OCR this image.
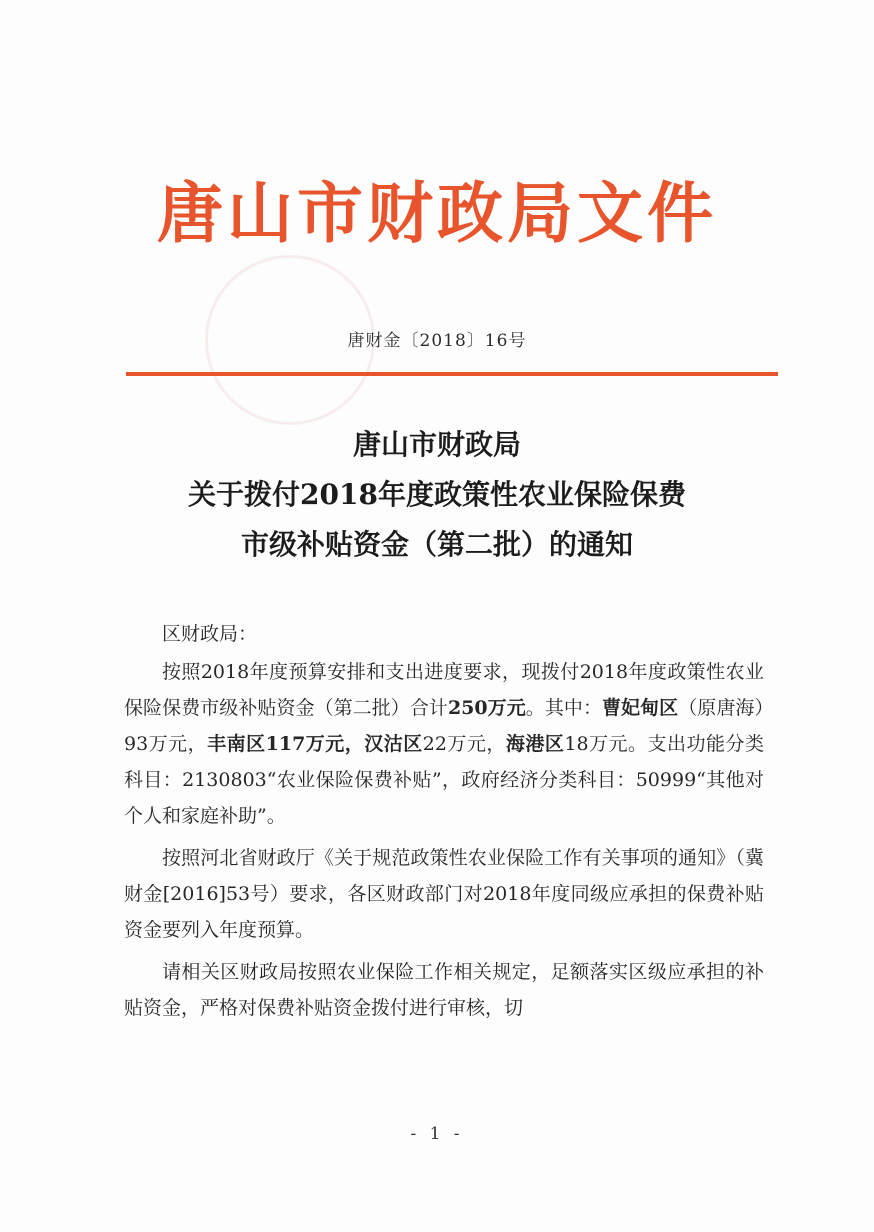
唐山市财政局文件

唐财金〔2018〕16号

唐山市财政局
关于拨付2018年度政策性农业保险保费
市级补贴资金（第二批）的通知

区财政局：

按照2018年度预算安排和支出进度要求，现拨付2018年度政策性农业保险保费市级补贴资金（第二批）合计250万元。其中：曹妃甸区（原唐海）93万元，丰南区117万元，汉沽区22万元，海港区18万元。支出功能分类科目：2130803“农业保险保费补贴”，政府经济分类科目：50999“其他对个人和家庭补助”。

按照河北省财政厅《关于规范政策性农业保险工作有关事项的通知》（冀财金[2016]53号）要求，各区财政部门对2018年度同级应承担的保费补贴资金要列入年度预算。

请相关区财政局按照农业保险工作相关规定，足额落实区级应承担的补贴资金，严格对保费补贴资金拨付进行审核，切

- 1 -
